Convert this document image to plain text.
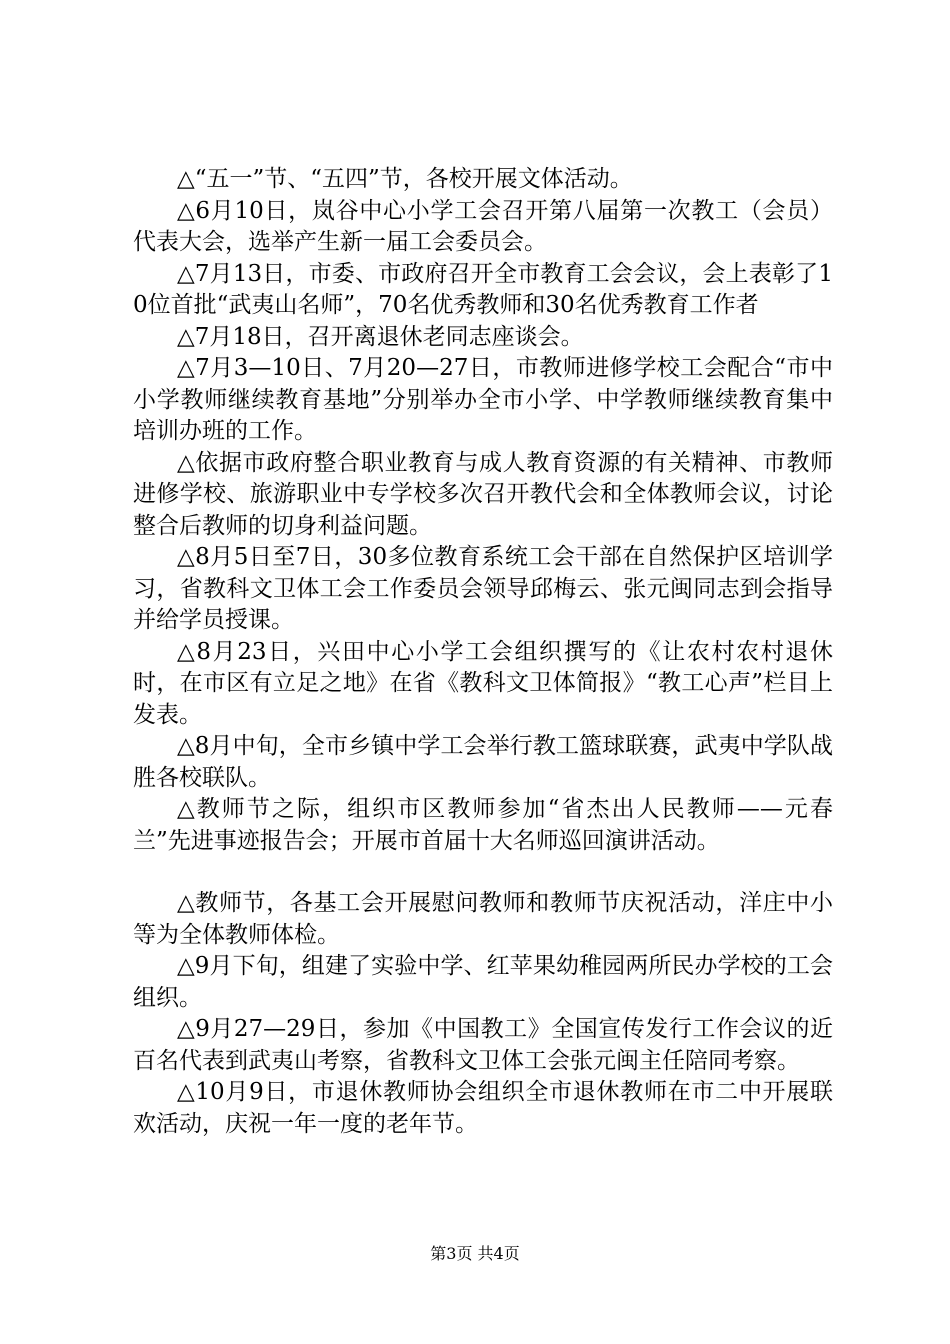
△“五一”节、“五四”节，各校开展文体活动。

△6月10日，岚谷中心小学工会召开第八届第一次教工（会员）代表大会，选举产生新一届工会委员会。

△7月13日，市委、市政府召开全市教育工会会议，会上表彰了10位首批“武夷山名师”，70名优秀教师和30名优秀教育工作者

△7月18日，召开离退休老同志座谈会。

△7月3—10日、7月20—27日，市教师进修学校工会配合“市中小学教师继续教育基地”分别举办全市小学、中学教师继续教育集中培训办班的工作。

△依据市政府整合职业教育与成人教育资源的有关精神、市教师进修学校、旅游职业中专学校多次召开教代会和全体教师会议，讨论整合后教师的切身利益问题。

△8月5日至7日，30多位教育系统工会干部在自然保护区培训学习，省教科文卫体工会工作委员会领导邱梅云、张元闽同志到会指导并给学员授课。

△8月23日，兴田中心小学工会组织撰写的《让农村农村退休时，在市区有立足之地》在省《教科文卫体简报》“教工心声”栏目上发表。

△8月中旬，全市乡镇中学工会举行教工篮球联赛，武夷中学队战胜各校联队。

△教师节之际，组织市区教师参加“省杰出人民教师——元春兰”先进事迹报告会；开展市首届十大名师巡回演讲活动。

△教师节，各基工会开展慰问教师和教师节庆祝活动，洋庄中小等为全体教师体检。

△9月下旬，组建了实验中学、红苹果幼稚园两所民办学校的工会组织。

△9月27—29日，参加《中国教工》全国宣传发行工作会议的近百名代表到武夷山考察，省教科文卫体工会张元闽主任陪同考察。

△10月9日，市退休教师协会组织全市退休教师在市二中开展联欢活动，庆祝一年一度的老年节。

第3页 共4页
